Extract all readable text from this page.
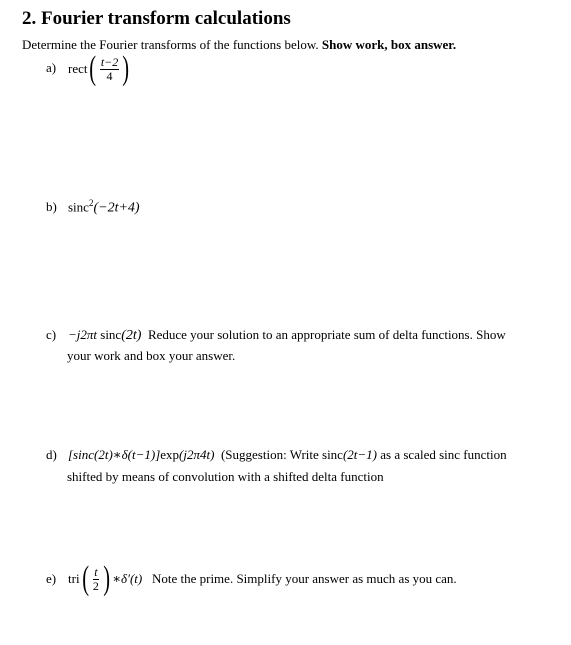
2. Fourier transform calculations
Determine the Fourier transforms of the functions below. Show work, box answer.
a) rect ( $\frac{t-2}{4}$ )
b) sinc$^2$(−2t+4)
c) −j2πt sinc(2t) Reduce your solution to an appropriate sum of delta functions. Show
your work and box your answer.
d) [sinc(2t)∗δ(t−1)]exp(j2π4t) (Suggestion: Write sinc(2t−1) as a scaled sinc function
shifted by means of convolution with a shifted delta function
e) tri ( $\frac{t}{2}$ ) ∗δ′(t) Note the prime. Simplify your answer as much as you can.
